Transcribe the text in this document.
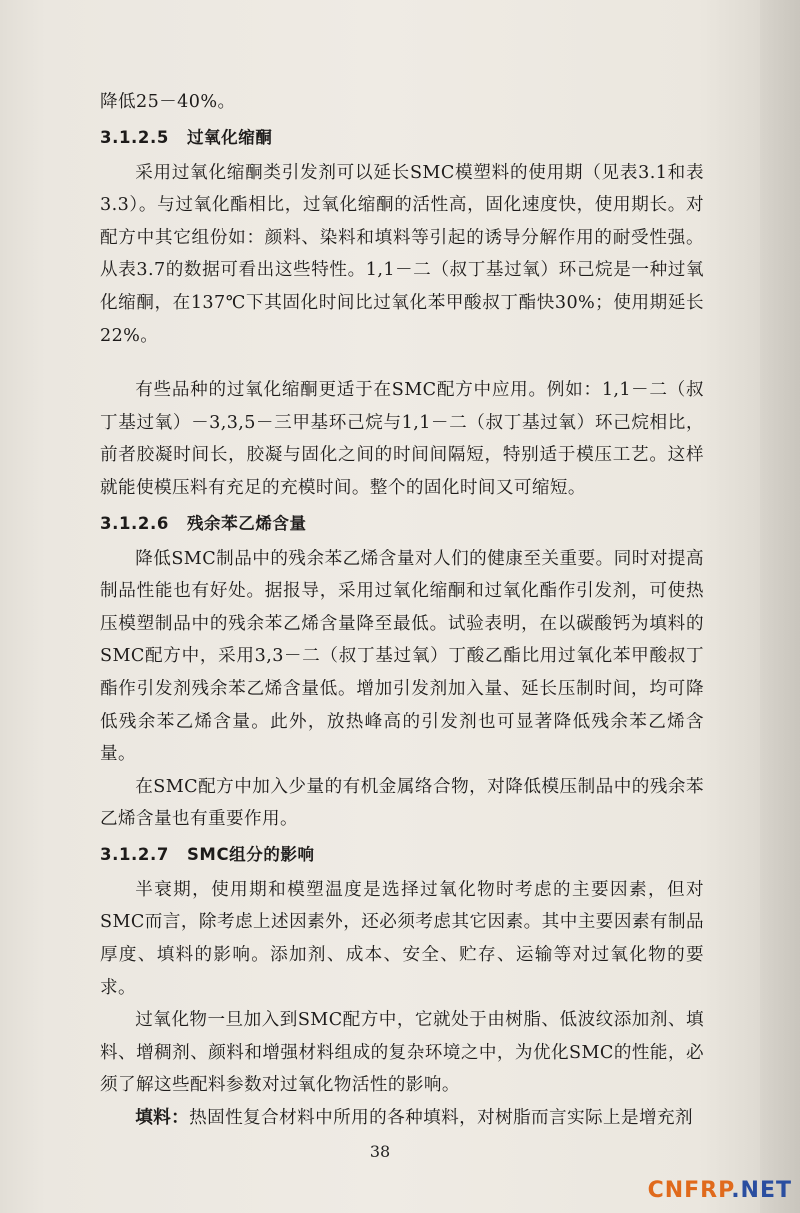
降低25－40%。

3.1.2.5 过氧化缩酮

采用过氧化缩酮类引发剂可以延长SMC模塑料的使用期（见表3.1和表3.3）。与过氧化酯相比，过氧化缩酮的活性高，固化速度快，使用期长。对配方中其它组份如：颜料、染料和填料等引起的诱导分解作用的耐受性强。从表3.7的数据可看出这些特性。1,1－二（叔丁基过氧）环己烷是一种过氧化缩酮，在137℃下其固化时间比过氧化苯甲酸叔丁酯快30%；使用期延长22%。

有些品种的过氧化缩酮更适于在SMC配方中应用。例如：1,1－二（叔丁基过氧）－3,3,5－三甲基环己烷与1,1－二（叔丁基过氧）环己烷相比，前者胶凝时间长，胶凝与固化之间的时间间隔短，特别适于模压工艺。这样就能使模压料有充足的充模时间。整个的固化时间又可缩短。

3.1.2.6 残余苯乙烯含量

降低SMC制品中的残余苯乙烯含量对人们的健康至关重要。同时对提高制品性能也有好处。据报导，采用过氧化缩酮和过氧化酯作引发剂，可使热压模塑制品中的残余苯乙烯含量降至最低。试验表明，在以碳酸钙为填料的SMC配方中，采用3,3－二（叔丁基过氧）丁酸乙酯比用过氧化苯甲酸叔丁酯作引发剂残余苯乙烯含量低。增加引发剂加入量、延长压制时间，均可降低残余苯乙烯含量。此外，放热峰高的引发剂也可显著降低残余苯乙烯含量。

在SMC配方中加入少量的有机金属络合物，对降低模压制品中的残余苯乙烯含量也有重要作用。

3.1.2.7 SMC组分的影响

半衰期，使用期和模塑温度是选择过氧化物时考虑的主要因素，但对SMC而言，除考虑上述因素外，还必须考虑其它因素。其中主要因素有制品厚度、填料的影响。添加剂、成本、安全、贮存、运输等对过氧化物的要求。

过氧化物一旦加入到SMC配方中，它就处于由树脂、低波纹添加剂、填料、增稠剂、颜料和增强材料组成的复杂环境之中，为优化SMC的性能，必须了解这些配料参数对过氧化物活性的影响。

填料：热固性复合材料中所用的各种填料，对树脂而言实际上是增充剂

38
CNFRP.NET
